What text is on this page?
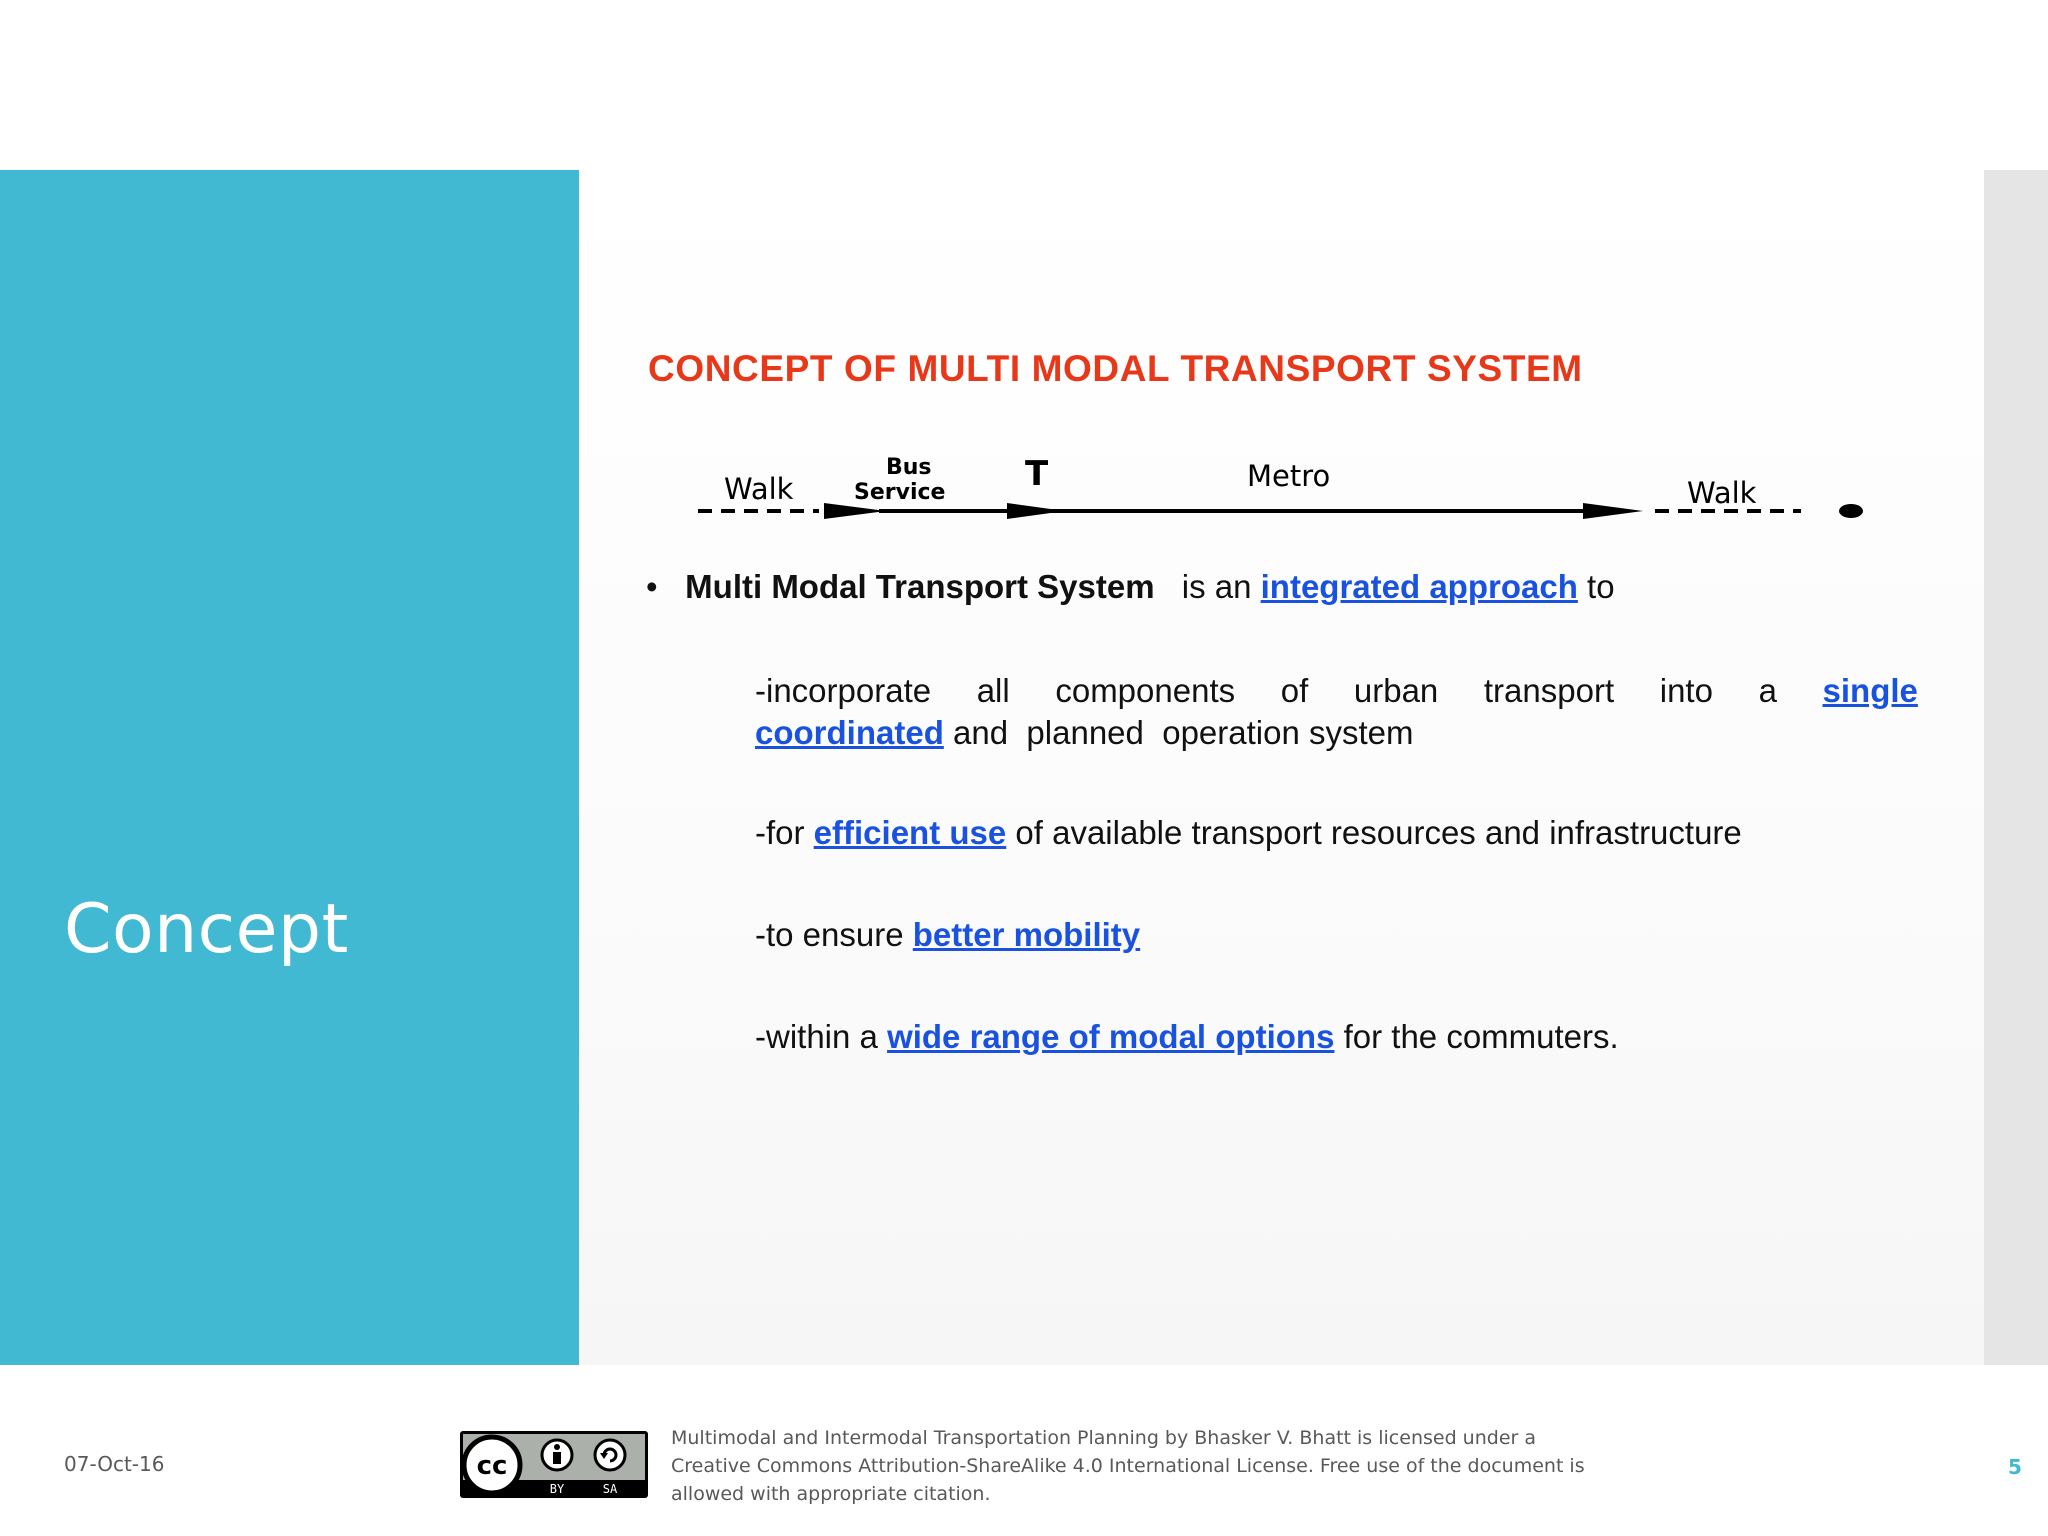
Concept
CONCEPT OF MULTI MODAL TRANSPORT SYSTEM
Walk
Bus
Service T	Metro	Walk
• Multi Modal Transport System is an integrated approach to
-incorporate all components of urban transport into a single
coordinated and  planned  operation system
-for efficient use of available transport resources and infrastructure
-to ensure better mobility
-within a wide range of modal options for the commuters.
07-Oct-16	cc
BY	SA
Multimodal and Intermodal Transportation Planning by Bhasker V. Bhatt is licensed under a
Creative Commons Attribution-ShareAlike 4.0 International License. Free use of the document is
allowed with appropriate citation.
5
